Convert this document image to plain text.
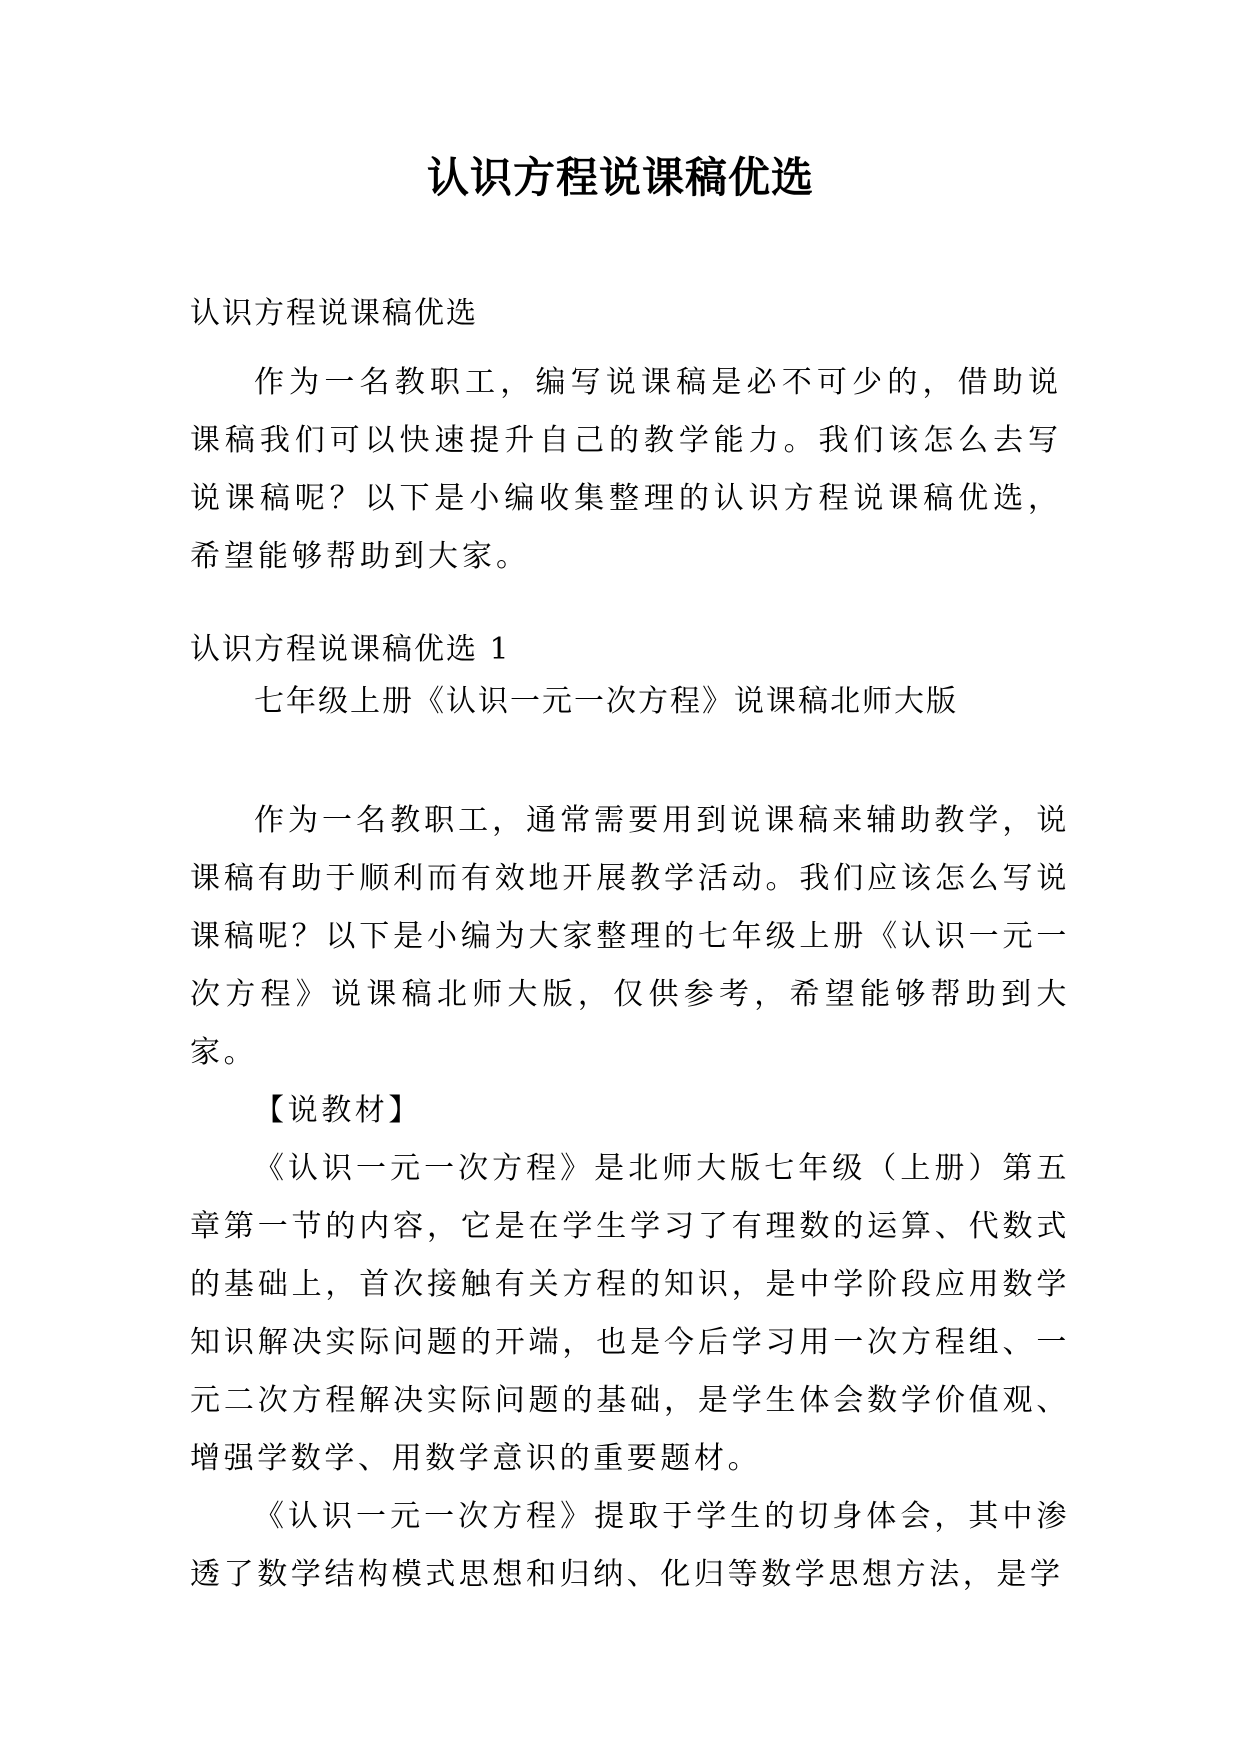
认识方程说课稿优选
认识方程说课稿优选

作为一名教职工，编写说课稿是必不可少的，借助说课稿我们可以快速提升自己的教学能力。我们该怎么去写说课稿呢？以下是小编收集整理的认识方程说课稿优选，希望能够帮助到大家。

认识方程说课稿优选 1
七年级上册《认识一元一次方程》说课稿北师大版

作为一名教职工，通常需要用到说课稿来辅助教学，说课稿有助于顺利而有效地开展教学活动。我们应该怎么写说课稿呢？以下是小编为大家整理的七年级上册《认识一元一次方程》说课稿北师大版，仅供参考，希望能够帮助到大家。

【说教材】

《认识一元一次方程》是北师大版七年级（上册）第五章第一节的内容，它是在学生学习了有理数的运算、代数式的基础上，首次接触有关方程的知识，是中学阶段应用数学知识解决实际问题的开端，也是今后学习用一次方程组、一元二次方程解决实际问题的基础，是学生体会数学价值观、增强学数学、用数学意识的重要题材。

《认识一元一次方程》提取于学生的切身体会，其中渗透了数学结构模式思想和归纳、化归等数学思想方法，是学
